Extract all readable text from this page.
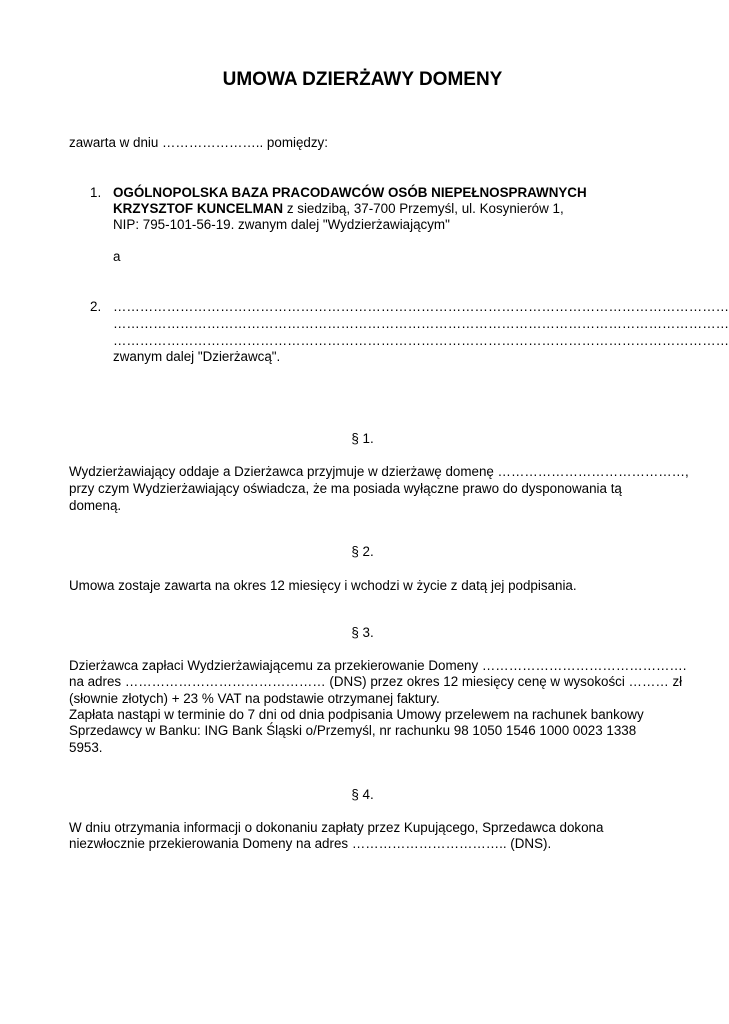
UMOWA DZIERŻAWY DOMENY
zawarta w dniu ………………….. pomiędzy:
1. OGÓLNOPOLSKA BAZA PRACODAWCÓW OSÓB NIEPEŁNOSPRAWNYCH
KRZYSZTOF KUNCELMAN z siedzibą, 37-700 Przemyśl, ul. Kosynierów 1,
NIP: 795-101-56-19. zwanym dalej "Wydzierżawiającym"
a
2. …………………………………………………………………………………………………………………………
…………………………………………………………………………………………………………………………
…………………………………………………………………………………………………………………………
zwanym dalej "Dzierżawcą".
§ 1.
Wydzierżawiający oddaje a Dzierżawca przyjmuje w dzierżawę domenę ……………………………………,
przy czym Wydzierżawiający oświadcza, że ma posiada wyłączne prawo do dysponowania tą
domeną.
§ 2.
Umowa zostaje zawarta na okres 12 miesięcy i wchodzi w życie z datą jej podpisania.
§ 3.
Dzierżawca zapłaci Wydzierżawiającemu za przekierowanie Domeny ……………………………………….
na adres ……………………………………… (DNS) przez okres 12 miesięcy cenę w wysokości ……… zł
(słownie złotych) + 23 % VAT na podstawie otrzymanej faktury.
Zapłata nastąpi w terminie do 7 dni od dnia podpisania Umowy przelewem na rachunek bankowy
Sprzedawcy w Banku: ING Bank Śląski o/Przemyśl, nr rachunku 98 1050 1546 1000 0023 1338
5953.
§ 4.
W dniu otrzymania informacji o dokonaniu zapłaty przez Kupującego, Sprzedawca dokona
niezwłocznie przekierowania Domeny na adres …………………………….. (DNS).
